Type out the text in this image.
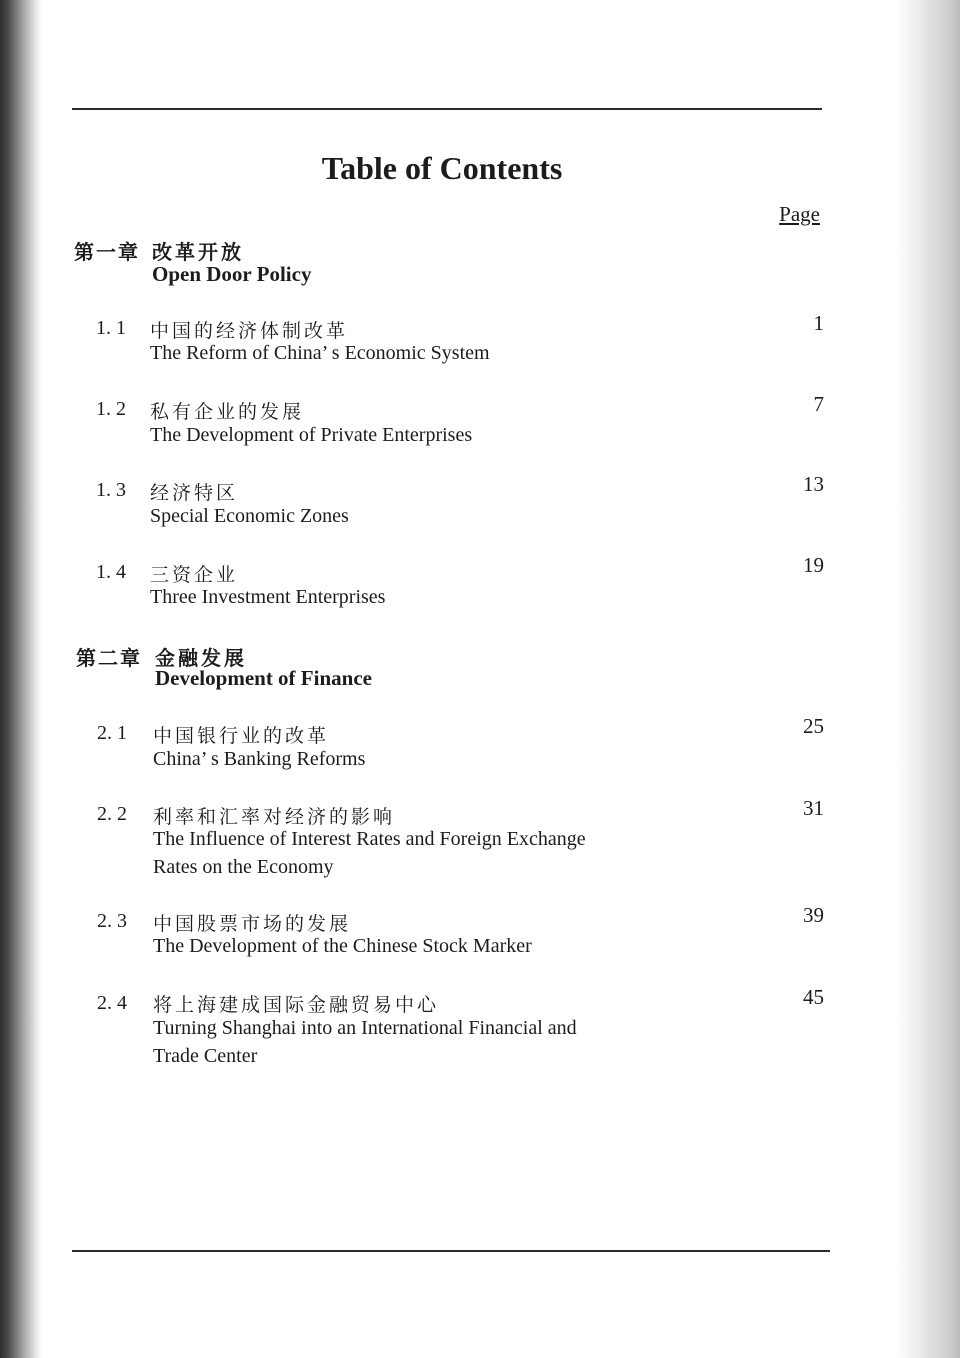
Table of Contents
Page
第一章 改革开放
Open Door Policy
1. 1 中国的经济体制改革
The Reform of China’ s Economic System
1
1. 2 私有企业的发展
The Development of Private Enterprises
7
1. 3 经济特区
Special Economic Zones
13
1. 4 三资企业
Three Investment Enterprises
19
第二章 金融发展
Development of Finance
2. 1 中国银行业的改革
China’ s Banking Reforms
25
2. 2 利率和汇率对经济的影响
The Influence of Interest Rates and Foreign Exchange Rates on the Economy
31
2. 3 中国股票市场的发展
The Development of the Chinese Stock Marker
39
2. 4 将上海建成国际金融贸易中心
Turning Shanghai into an International Financial and Trade Center
45
